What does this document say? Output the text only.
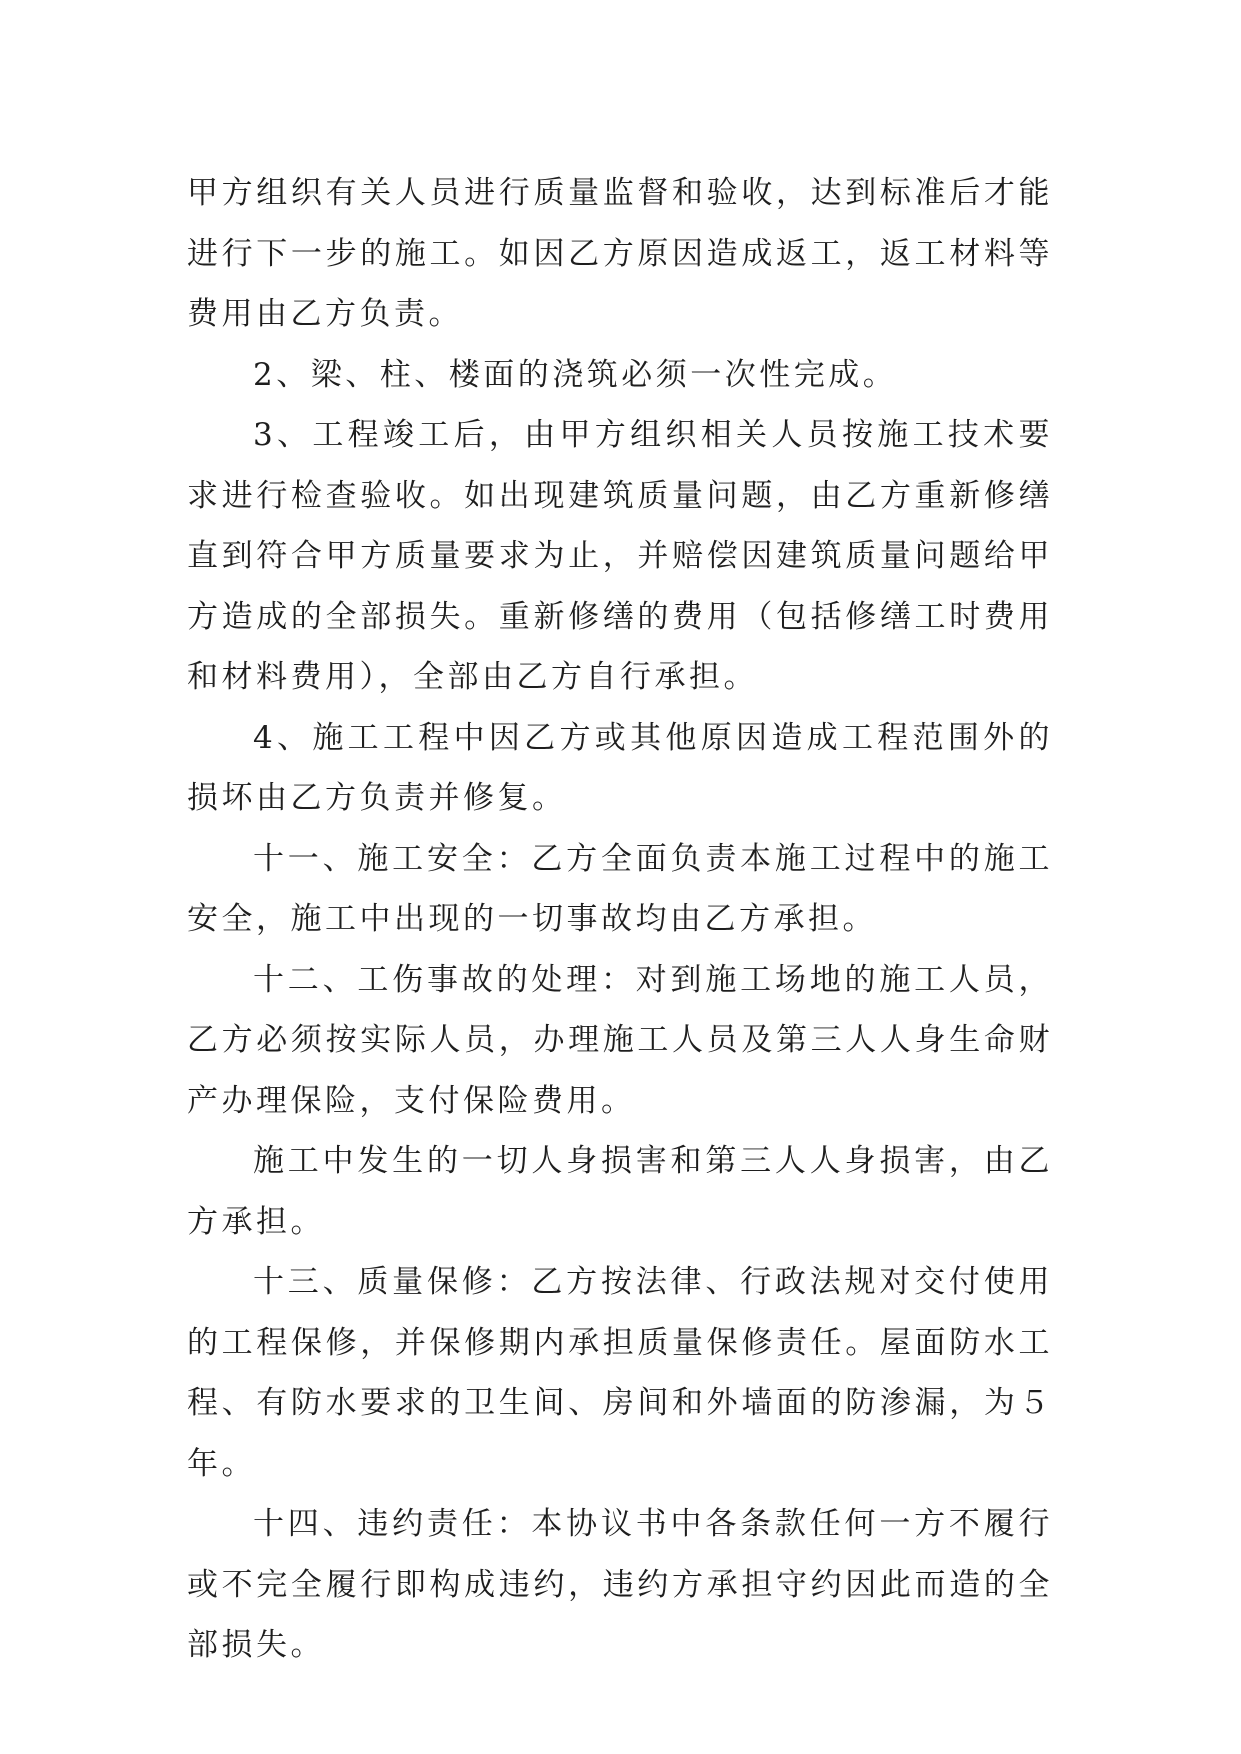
甲方组织有关人员进行质量监督和验收，达到标准后才能进行下一步的施工。如因乙方原因造成返工，返工材料等费用由乙方负责。

2、梁、柱、楼面的浇筑必须一次性完成。

3、工程竣工后，由甲方组织相关人员按施工技术要求进行检查验收。如出现建筑质量问题，由乙方重新修缮直到符合甲方质量要求为止，并赔偿因建筑质量问题给甲方造成的全部损失。重新修缮的费用（包括修缮工时费用和材料费用），全部由乙方自行承担。

4、施工工程中因乙方或其他原因造成工程范围外的损坏由乙方负责并修复。

十一、施工安全：乙方全面负责本施工过程中的施工安全，施工中出现的一切事故均由乙方承担。

十二、工伤事故的处理：对到施工场地的施工人员，乙方必须按实际人员，办理施工人员及第三人人身生命财产办理保险，支付保险费用。

施工中发生的一切人身损害和第三人人身损害，由乙方承担。

十三、质量保修：乙方按法律、行政法规对交付使用的工程保修，并保修期内承担质量保修责任。屋面防水工程、有防水要求的卫生间、房间和外墙面的防渗漏，为５年。

十四、违约责任：本协议书中各条款任何一方不履行或不完全履行即构成违约，违约方承担守约因此而造的全部损失。
